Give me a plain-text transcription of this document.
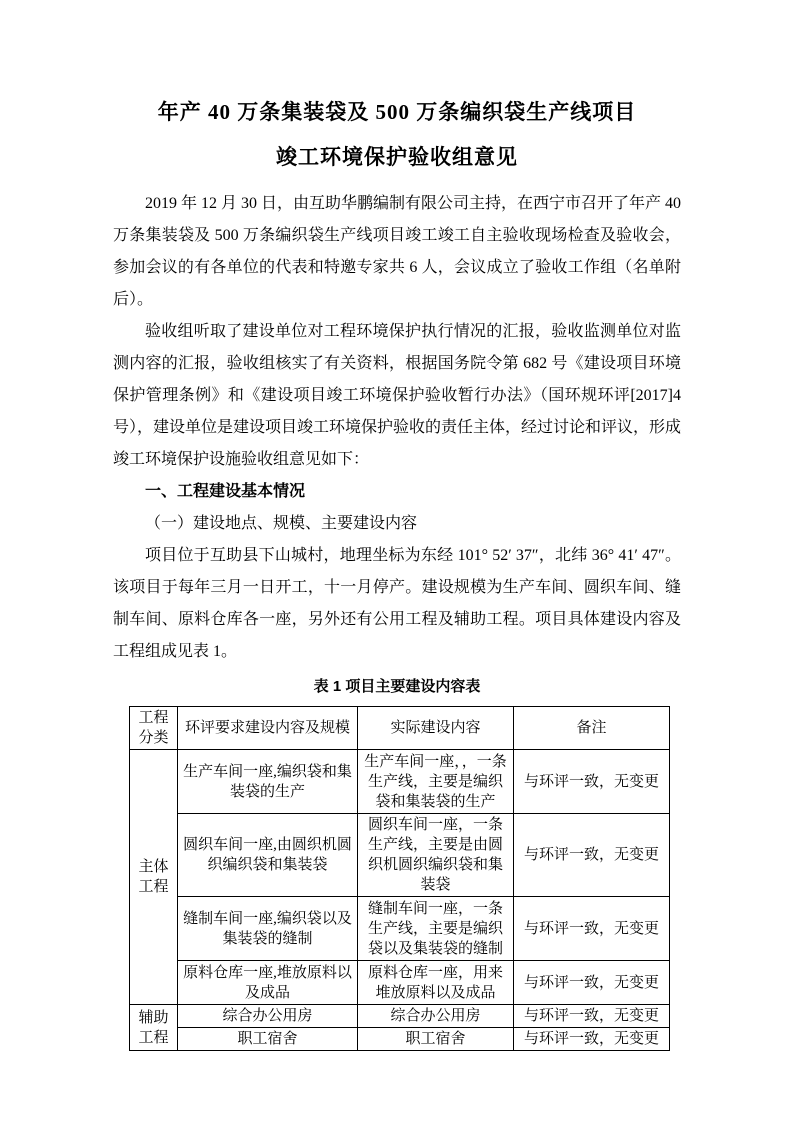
年产 40 万条集装袋及 500 万条编织袋生产线项目
竣工环境保护验收组意见

2019 年 12 月 30 日，由互助华鹏编制有限公司主持，在西宁市召开了年产 40 万条集装袋及 500 万条编织袋生产线项目竣工竣工自主验收现场检查及验收会，参加会议的有各单位的代表和特邀专家共 6 人，会议成立了验收工作组（名单附后）。

验收组听取了建设单位对工程环境保护执行情况的汇报，验收监测单位对监测内容的汇报，验收组核实了有关资料，根据国务院令第 682 号《建设项目环境保护管理条例》和《建设项目竣工环境保护验收暂行办法》（国环规环评[2017]4 号），建设单位是建设项目竣工环境保护验收的责任主体，经过讨论和评议，形成竣工环境保护设施验收组意见如下：

一、工程建设基本情况

（一）建设地点、规模、主要建设内容

项目位于互助县下山城村，地理坐标为东经 101° 52′ 37″，北纬 36° 41′ 47″。该项目于每年三月一日开工，十一月停产。建设规模为生产车间、圆织车间、缝制车间、原料仓库各一座，另外还有公用工程及辅助工程。项目具体建设内容及工程组成见表 1。

表 1 项目主要建设内容表
工程分类	环评要求建设内容及规模	实际建设内容	备注
主体工程	生产车间一座,编织袋和集装袋的生产	生产车间一座，，一条生产线，主要是编织袋和集装袋的生产	与环评一致，无变更
	圆织车间一座,由圆织机圆织编织袋和集装袋	圆织车间一座，一条生产线，主要是由圆织机圆织编织袋和集装袋	与环评一致，无变更
	缝制车间一座,编织袋以及集装袋的缝制	缝制车间一座，一条生产线，主要是编织袋以及集装袋的缝制	与环评一致，无变更
	原料仓库一座,堆放原料以及成品	原料仓库一座，用来堆放原料以及成品	与环评一致，无变更
辅助工程	综合办公用房	综合办公用房	与环评一致，无变更
	职工宿舍	职工宿舍	与环评一致，无变更
